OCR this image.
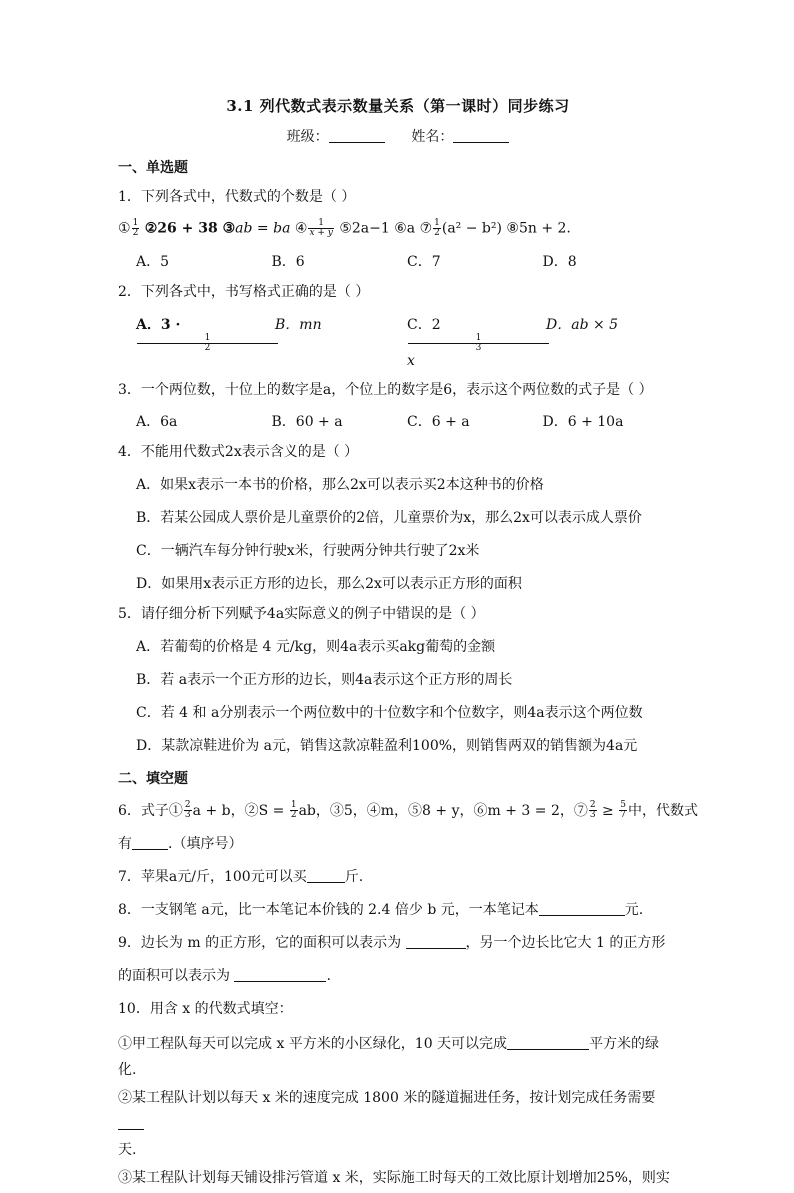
3.1 列代数式表示数量关系（第一课时）同步练习
班级：	姓名：
一、单选题
1．下列各式中，代数式的个数是（ ）
① $\frac{1}{2}$ ②26 + 38 ③ab = ba ④ $\frac{1}{x + y}$ ⑤2a−1 ⑥a ⑦ $\frac{1}{2} (a^2 - b^2)$ ⑧5n + 2.
A．5	B．6	C．7	D．8
2．下列各式中，书写格式正确的是（ ）
A．3 ·
$\frac{1}{2}$
B．mn	C．2
$\frac{1}{3}$
x
D．ab × 5
3．一个两位数，十位上的数字是a，个位上的数字是6，表示这个两位数的式子是（ ）
A．6a	B．60 + a	C．6 + a	D．6 + 10a
4．不能用代数式2x表示含义的是（ ）
A．如果x表示一本书的价格，那么2x可以表示买2本这种书的价格
B．若某公园成人票价是儿童票价的2倍，儿童票价为x，那么2x可以表示成人票价
C．一辆汽车每分钟行驶x米，行驶两分钟共行驶了2x米
D．如果用x表示正方形的边长，那么2x可以表示正方形的面积
5．请仔细分析下列赋予4a实际意义的例子中错误的是（ ）
A．若葡萄的价格是 4 元/kg，则4a表示买akg葡萄的金额
B．若 a表示一个正方形的边长，则4a表示这个正方形的周长
C．若 4 和 a分别表示一个两位数中的十位数字和个位数字，则4a表示这个两位数
D．某款凉鞋进价为 a元，销售这款凉鞋盈利100%，则销售两双的销售额为4a元
二、填空题
6．式子① $\frac{2}{3}$ a + b，②S = $\frac{1}{2}$ ab，③5，④m，⑤8 + y，⑥m + 3 = 2，⑦ $\frac{2}{3} \ge \frac{5}{7}$ 中，代数式
有	.（填序号）
7．苹果a元/斤，100元可以买	斤.
8．一支钢笔 a元，比一本笔记本价钱的 2.4 倍少 b 元，一本笔记本	元.
9．边长为 m 的正方形，它的面积可以表示为	，另一个边长比它大 1 的正方形
的面积可以表示为	.
10．用含 x 的代数式填空：
①甲工程队每天可以完成 x 平方米的小区绿化，10 天可以完成	平方米的绿
化.
②某工程队计划以每天 x 米的速度完成 1800 米的隧道掘进任务，按计划完成任务需要
天.
③某工程队计划每天铺设排污管道 x 米，实际施工时每天的工效比原计划增加25%，则实
